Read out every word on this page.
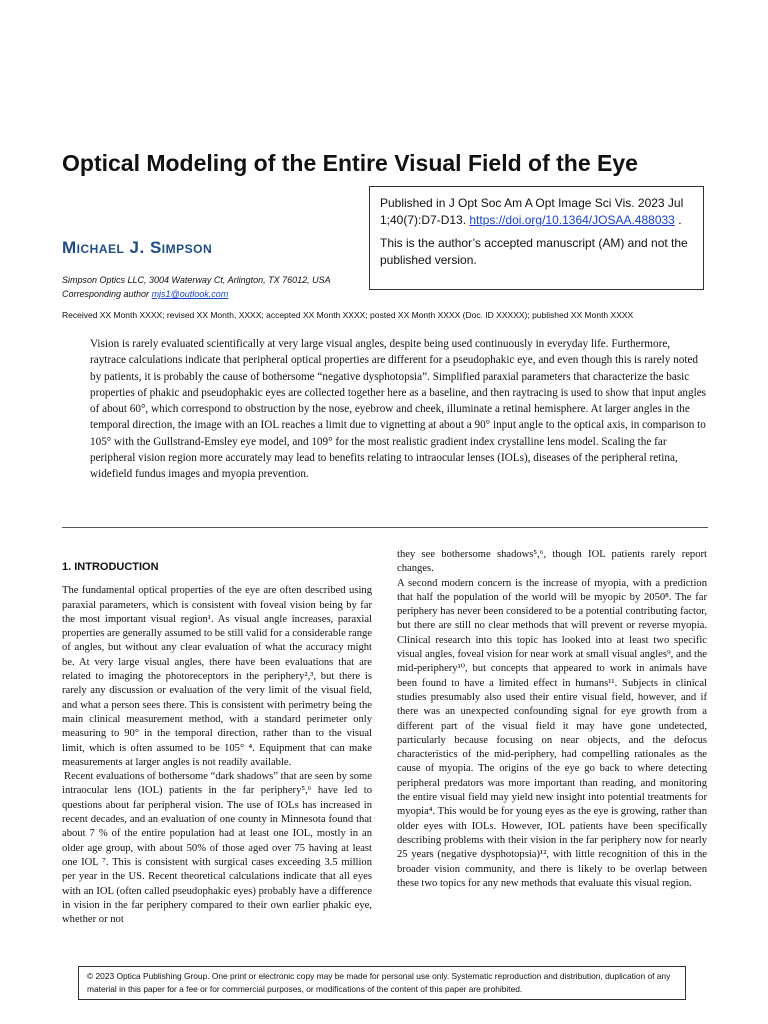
Optical Modeling of the Entire Visual Field of the Eye

Published in J Opt Soc Am A Opt Image Sci Vis. 2023 Jul 1;40(7):D7-D13. https://doi.org/10.1364/JOSAA.488033 .

This is the author’s accepted manuscript (AM) and not the published version.

Michael J. Simpson
Simpson Optics LLC, 3004 Waterway Ct, Arlington, TX 76012, USA
Corresponding author mjs1@outlook.com
Received XX Month XXXX; revised XX Month, XXXX; accepted XX Month XXXX; posted XX Month XXXX (Doc. ID XXXXX); published XX Month XXXX
Vision is rarely evaluated scientifically at very large visual angles, despite being used continuously in everyday life. Furthermore, raytrace calculations indicate that peripheral optical properties are different for a pseudophakic eye, and even though this is rarely noted by patients, it is probably the cause of bothersome “negative dysphotopsia”. Simplified paraxial parameters that characterize the basic properties of phakic and pseudophakic eyes are collected together here as a baseline, and then raytracing is used to show that input angles of about 60°, which correspond to obstruction by the nose, eyebrow and cheek, illuminate a retinal hemisphere. At larger angles in the temporal direction, the image with an IOL reaches a limit due to vignetting at about a 90° input angle to the optical axis, in comparison to 105° with the Gullstrand-Emsley eye model, and 109° for the most realistic gradient index crystalline lens model. Scaling the far peripheral vision region more accurately may lead to benefits relating to intraocular lenses (IOLs), diseases of the peripheral retina, widefield fundus images and myopia prevention.
1. INTRODUCTION

The fundamental optical properties of the eye are often described using paraxial parameters, which is consistent with foveal vision being by far the most important visual region¹. As visual angle increases, paraxial properties are generally assumed to be still valid for a considerable range of angles, but without any clear evaluation of what the accuracy might be. At very large visual angles, there have been evaluations that are related to imaging the photoreceptors in the periphery²,³, but there is rarely any discussion or evaluation of the very limit of the visual field, and what a person sees there. This is consistent with perimetry being the main clinical measurement method, with a standard perimeter only measuring to 90° in the temporal direction, rather than to the visual limit, which is often assumed to be 105° ⁴. Equipment that can make measurements at larger angles is not readily available.

Recent evaluations of bothersome “dark shadows” that are seen by some intraocular lens (IOL) patients in the far periphery⁵,⁶ have led to questions about far peripheral vision. The use of IOLs has increased in recent decades, and an evaluation of one county in Minnesota found that about 7 % of the entire population had at least one IOL, mostly in an older age group, with about 50% of those aged over 75 having at least one IOL ⁷. This is consistent with surgical cases exceeding 3.5 million per year in the US. Recent theoretical calculations indicate that all eyes with an IOL (often called pseudophakic eyes) probably have a difference in vision in the far periphery compared to their own earlier phakic eye, whether or not

they see bothersome shadows⁵,⁶, though IOL patients rarely report changes.

A second modern concern is the increase of myopia, with a prediction that half the population of the world will be myopic by 2050⁸. The far periphery has never been considered to be a potential contributing factor, but there are still no clear methods that will prevent or reverse myopia. Clinical research into this topic has looked into at least two specific visual angles, foveal vision for near work at small visual angles⁹, and the mid-periphery¹⁰, but concepts that appeared to work in animals have been found to have a limited effect in humans¹¹. Subjects in clinical studies presumably also used their entire visual field, however, and if there was an unexpected confounding signal for eye growth from a different part of the visual field it may have gone undetected, particularly because focusing on near objects, and the defocus characteristics of the mid-periphery, had compelling rationales as the cause of myopia. The origins of the eye go back to where detecting peripheral predators was more important than reading, and monitoring the entire visual field may yield new insight into potential treatments for myopia⁴. This would be for young eyes as the eye is growing, rather than older eyes with IOLs. However, IOL patients have been specifically describing problems with their vision in the far periphery now for nearly 25 years (negative dysphotopsia)¹², with little recognition of this in the broader vision community, and there is likely to be overlap between these two topics for any new methods that evaluate this visual region.

© 2023 Optica Publishing Group. One print or electronic copy may be made for personal use only. Systematic reproduction and distribution, duplication of any material in this paper for a fee or for commercial purposes, or modifications of the content of this paper are prohibited.
